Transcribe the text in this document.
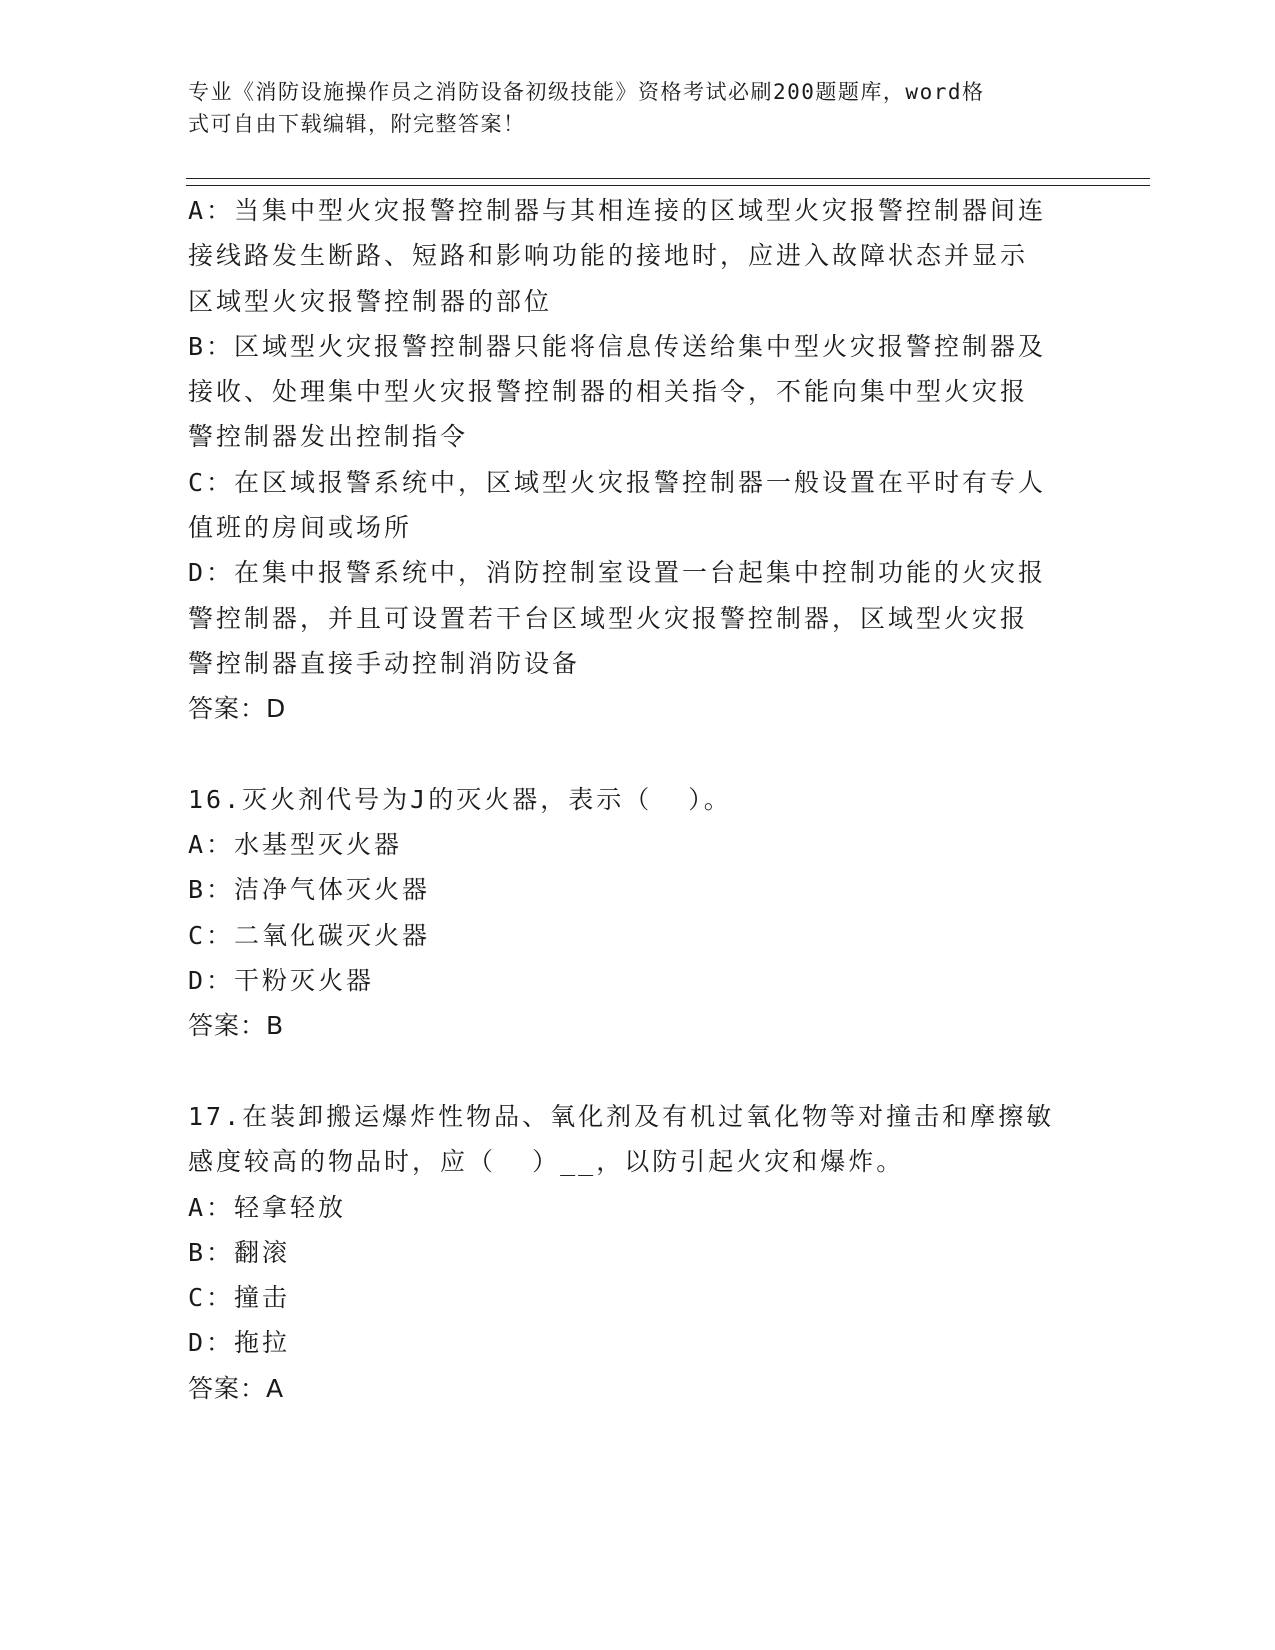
专业《消防设施操作员之消防设备初级技能》资格考试必刷200题题库，word格
式可自由下载编辑，附完整答案！
A：当集中型火灾报警控制器与其相连接的区域型火灾报警控制器间连
接线路发生断路、短路和影响功能的接地时，应进入故障状态并显示
区域型火灾报警控制器的部位
B：区域型火灾报警控制器只能将信息传送给集中型火灾报警控制器及
接收、处理集中型火灾报警控制器的相关指令，不能向集中型火灾报
警控制器发出控制指令
C：在区域报警系统中，区域型火灾报警控制器一般设置在平时有专人
值班的房间或场所
D：在集中报警系统中，消防控制室设置一台起集中控制功能的火灾报
警控制器，并且可设置若干台区域型火灾报警控制器，区域型火灾报
警控制器直接手动控制消防设备
答案：D
16.灭火剂代号为J的灭火器，表示（  ）。
A：水基型灭火器
B：洁净气体灭火器
C：二氧化碳灭火器
D：干粉灭火器
答案：B
17.在装卸搬运爆炸性物品、氧化剂及有机过氧化物等对撞击和摩擦敏
感度较高的物品时，应（  ）__，以防引起火灾和爆炸。
A：轻拿轻放
B：翻滚
C：撞击
D：拖拉
答案：A
